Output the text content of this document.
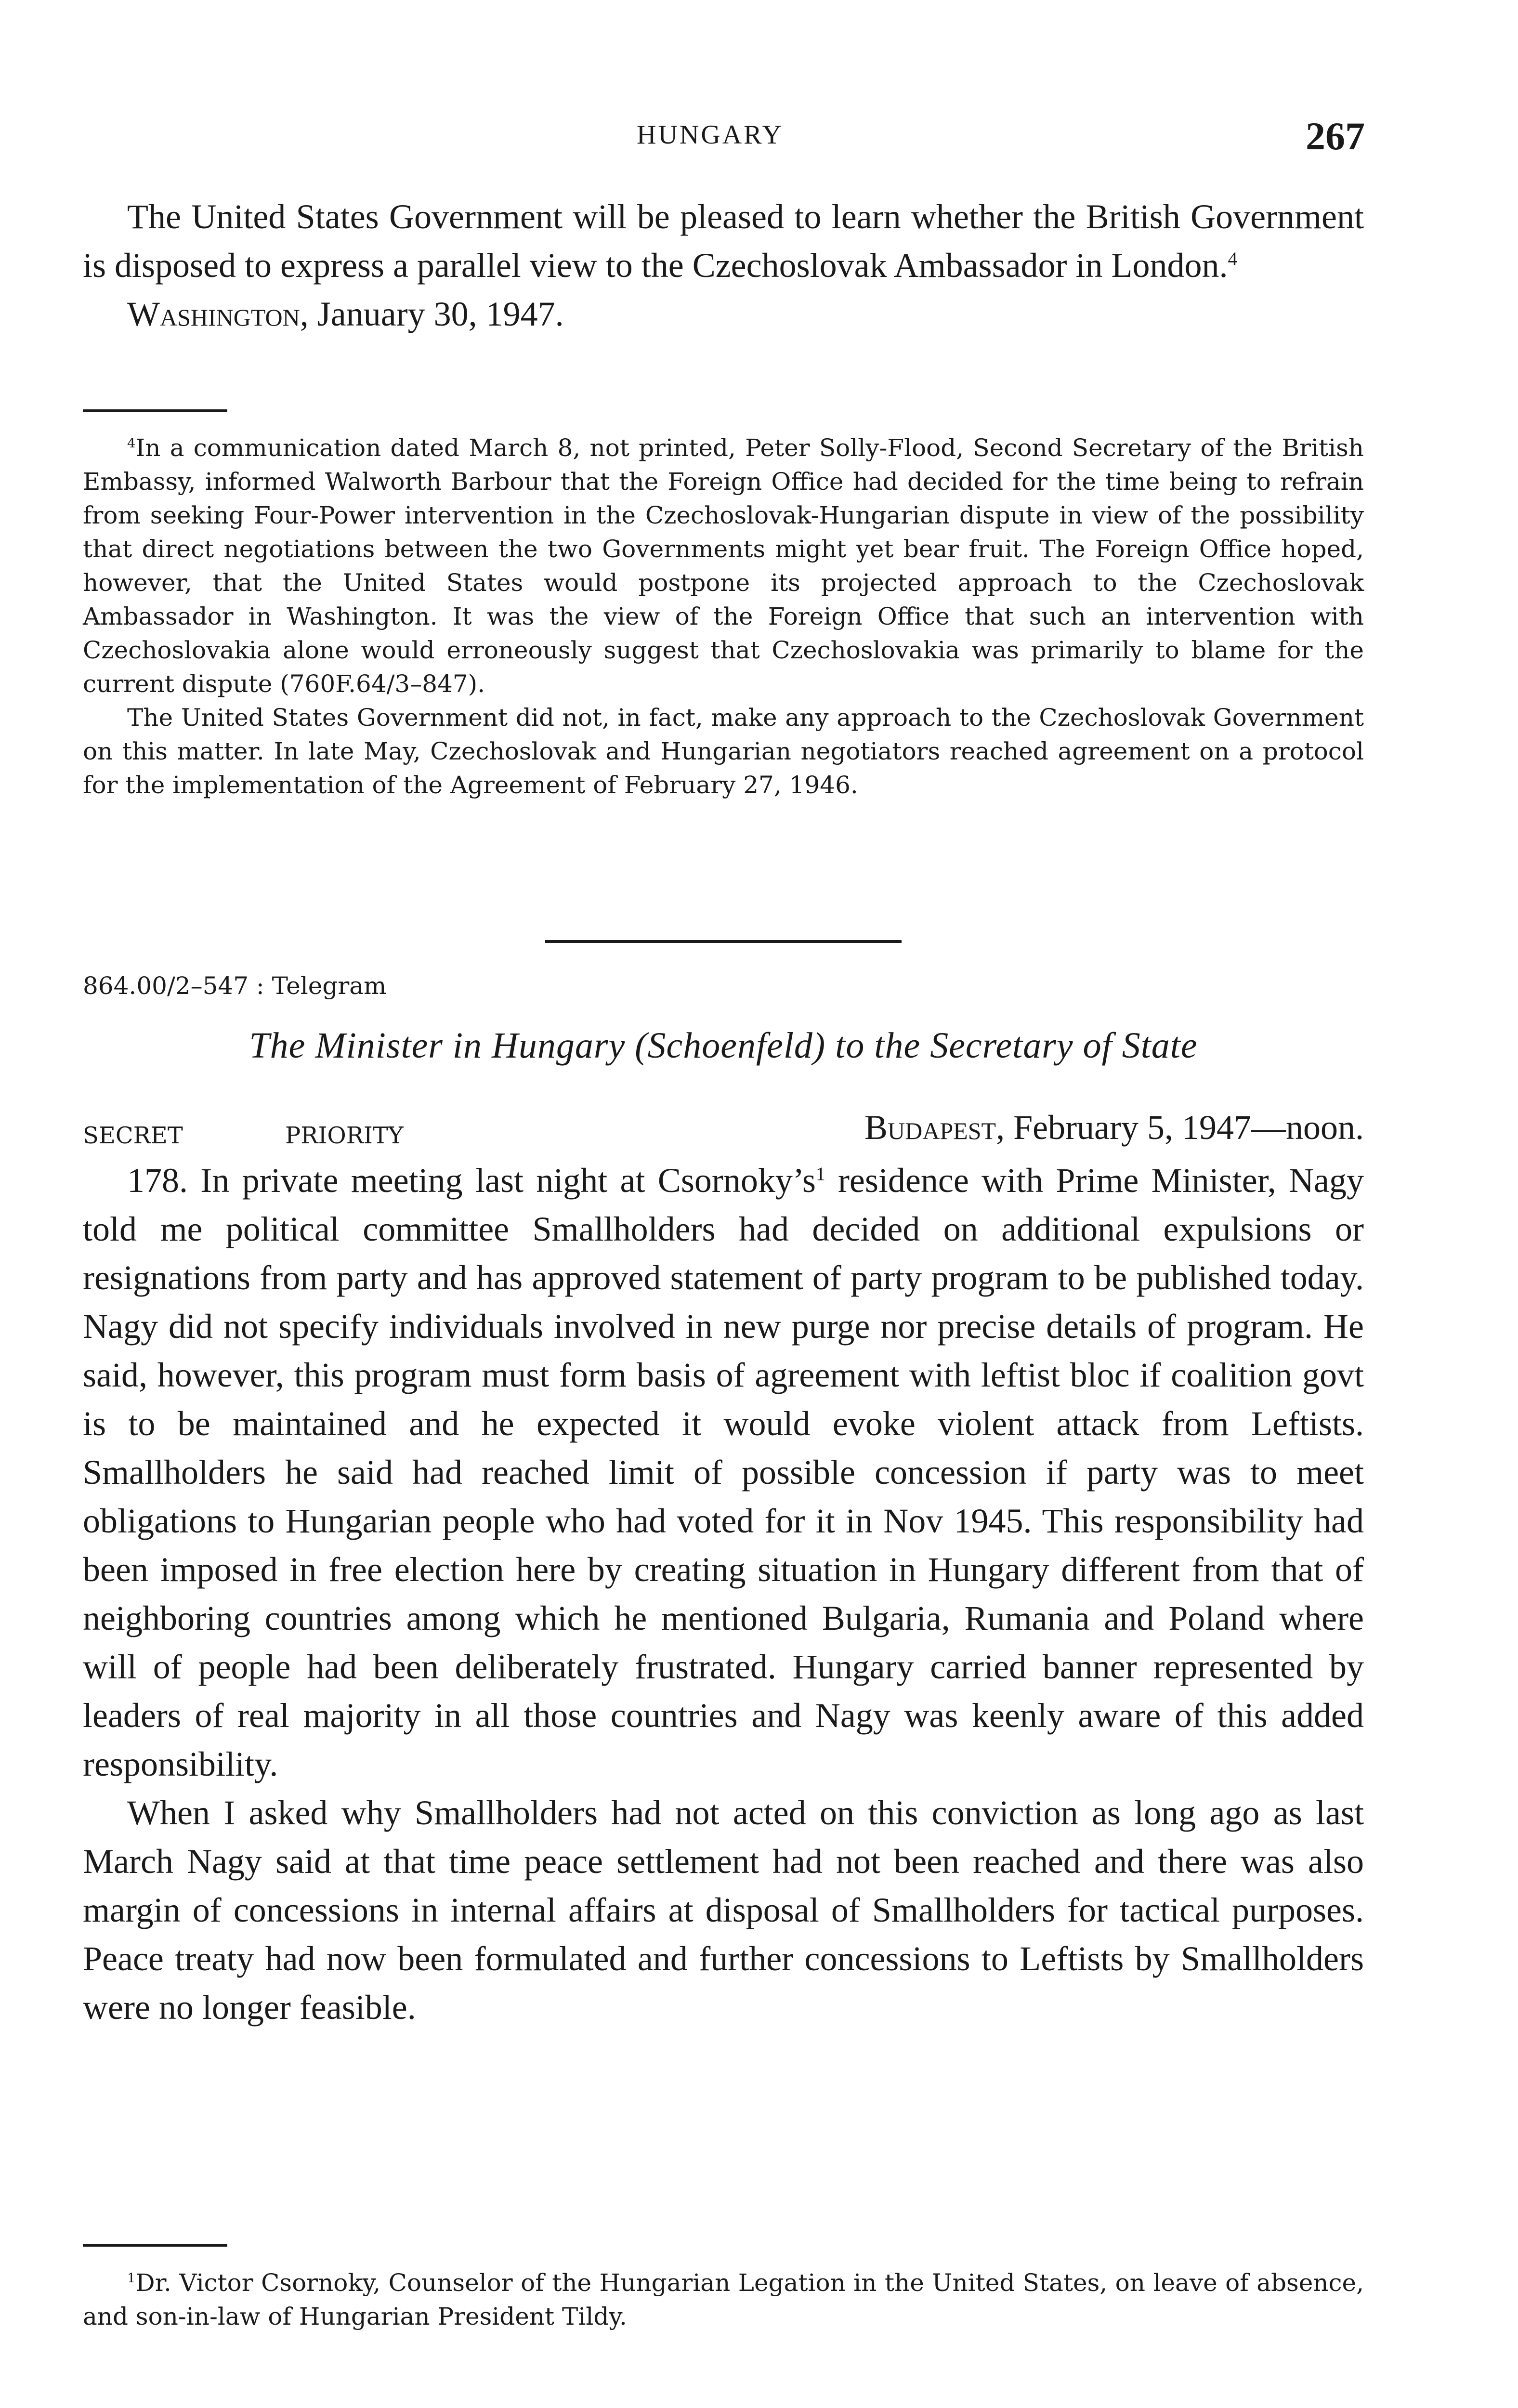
HUNGARY	267

The United States Government will be pleased to learn whether the British Government is disposed to express a parallel view to the Czechoslovak Ambassador in London.$^4$

Washington, January 30, 1947.

$^4$In a communication dated March 8, not printed, Peter Solly-Flood, Second Secretary of the British Embassy, informed Walworth Barbour that the Foreign Office had decided for the time being to refrain from seeking Four-Power intervention in the Czechoslovak-Hungarian dispute in view of the possibility that direct negotiations between the two Governments might yet bear fruit. The Foreign Office hoped, however, that the United States would postpone its projected approach to the Czechoslovak Ambassador in Washington. It was the view of the Foreign Office that such an intervention with Czechoslovakia alone would erroneously suggest that Czechoslovakia was primarily to blame for the current dispute (760F.64/3–847).

The United States Government did not, in fact, make any approach to the Czechoslovak Government on this matter. In late May, Czechoslovak and Hungarian negotiators reached agreement on a protocol for the implementation of the Agreement of February 27, 1946.

864.00/2–547 : Telegram

The Minister in Hungary (Schoenfeld) to the Secretary of State

SECRET	PRIORITY	Budapest, February 5, 1947—noon.

178. In private meeting last night at Csornoky’s$^1$ residence with Prime Minister, Nagy told me political committee Smallholders had decided on additional expulsions or resignations from party and has approved statement of party program to be published today. Nagy did not specify individuals involved in new purge nor precise details of program. He said, however, this program must form basis of agreement with leftist bloc if coalition govt is to be maintained and he expected it would evoke violent attack from Leftists. Smallholders he said had reached limit of possible concession if party was to meet obligations to Hungarian people who had voted for it in Nov 1945. This responsibility had been imposed in free election here by creating situation in Hungary different from that of neighboring countries among which he mentioned Bulgaria, Rumania and Poland where will of people had been deliberately frustrated. Hungary carried banner represented by leaders of real majority in all those countries and Nagy was keenly aware of this added responsibility.

When I asked why Smallholders had not acted on this conviction as long ago as last March Nagy said at that time peace settlement had not been reached and there was also margin of concessions in internal affairs at disposal of Smallholders for tactical purposes. Peace treaty had now been formulated and further concessions to Leftists by Smallholders were no longer feasible.

$^1$Dr. Victor Csornoky, Counselor of the Hungarian Legation in the United States, on leave of absence, and son-in-law of Hungarian President Tildy.
